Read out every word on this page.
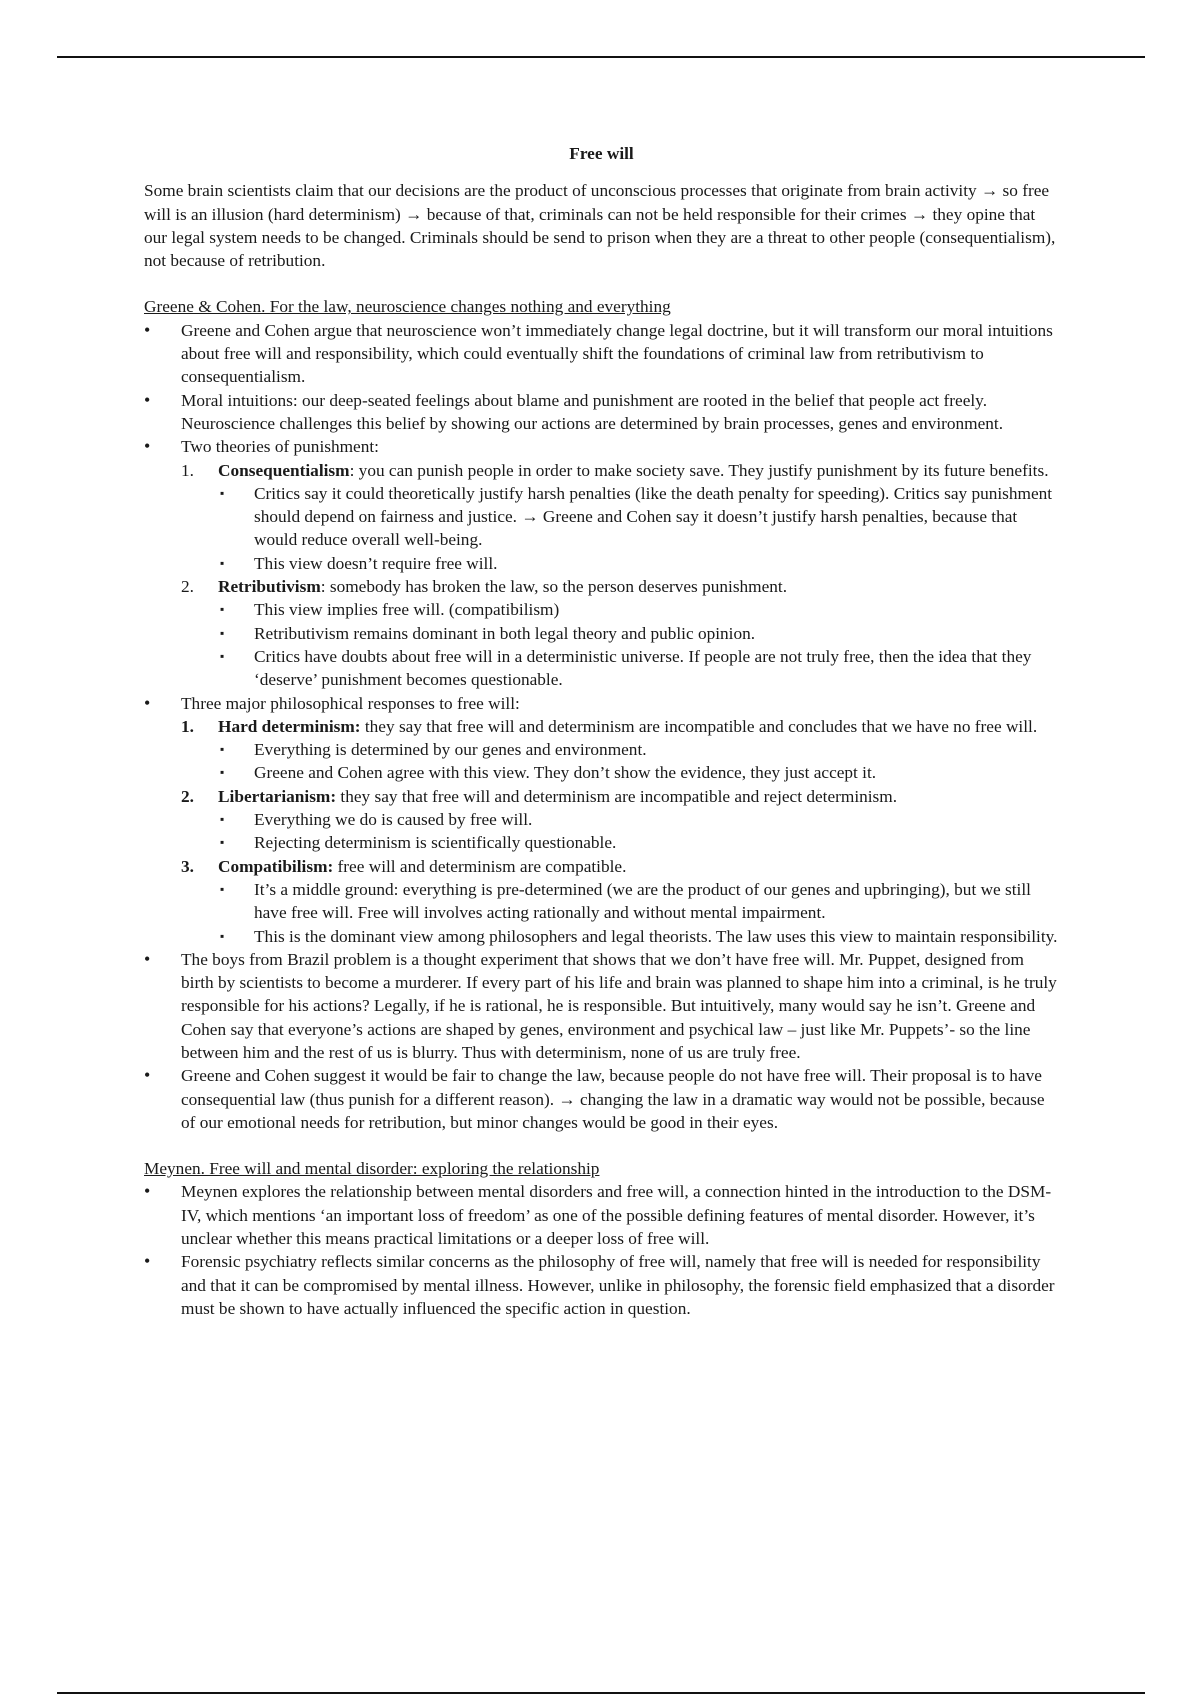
Free will

Some brain scientists claim that our decisions are the product of unconscious processes that originate from brain activity → so free will is an illusion (hard determinism) → because of that, criminals can not be held responsible for their crimes → they opine that our legal system needs to be changed. Criminals should be send to prison when they are a threat to other people (consequentialism), not because of retribution.

Greene & Cohen. For the law, neuroscience changes nothing and everything

• Greene and Cohen argue that neuroscience won’t immediately change legal doctrine, but it will transform our moral intuitions about free will and responsibility, which could eventually shift the foundations of criminal law from retributivism to consequentialism.
• Moral intuitions: our deep-seated feelings about blame and punishment are rooted in the belief that people act freely. Neuroscience challenges this belief by showing our actions are determined by brain processes, genes and environment.
• Two theories of punishment:
1. Consequentialism: you can punish people in order to make society save. They justify punishment by its future benefits.
▪ Critics say it could theoretically justify harsh penalties (like the death penalty for speeding). Critics say punishment should depend on fairness and justice. → Greene and Cohen say it doesn’t justify harsh penalties, because that would reduce overall well-being.
▪ This view doesn’t require free will.
2. Retributivism: somebody has broken the law, so the person deserves punishment.
▪ This view implies free will. (compatibilism)
▪ Retributivism remains dominant in both legal theory and public opinion.
▪ Critics have doubts about free will in a deterministic universe. If people are not truly free, then the idea that they ‘deserve’ punishment becomes questionable.
• Three major philosophical responses to free will:
1. Hard determinism: they say that free will and determinism are incompatible and concludes that we have no free will.
▪ Everything is determined by our genes and environment.
▪ Greene and Cohen agree with this view. They don’t show the evidence, they just accept it.
2. Libertarianism: they say that free will and determinism are incompatible and reject determinism.
▪ Everything we do is caused by free will.
▪ Rejecting determinism is scientifically questionable.
3. Compatibilism: free will and determinism are compatible.
▪ It’s a middle ground: everything is pre-determined (we are the product of our genes and upbringing), but we still have free will. Free will involves acting rationally and without mental impairment.
▪ This is the dominant view among philosophers and legal theorists. The law uses this view to maintain responsibility.
• The boys from Brazil problem is a thought experiment that shows that we don’t have free will. Mr. Puppet, designed from birth by scientists to become a murderer. If every part of his life and brain was planned to shape him into a criminal, is he truly responsible for his actions? Legally, if he is rational, he is responsible. But intuitively, many would say he isn’t. Greene and Cohen say that everyone’s actions are shaped by genes, environment and psychical law – just like Mr. Puppets’- so the line between him and the rest of us is blurry. Thus with determinism, none of us are truly free.
• Greene and Cohen suggest it would be fair to change the law, because people do not have free will. Their proposal is to have consequential law (thus punish for a different reason). → changing the law in a dramatic way would not be possible, because of our emotional needs for retribution, but minor changes would be good in their eyes.

Meynen. Free will and mental disorder: exploring the relationship

• Meynen explores the relationship between mental disorders and free will, a connection hinted in the introduction to the DSM-IV, which mentions ‘an important loss of freedom’ as one of the possible defining features of mental disorder. However, it’s unclear whether this means practical limitations or a deeper loss of free will.
• Forensic psychiatry reflects similar concerns as the philosophy of free will, namely that free will is needed for responsibility and that it can be compromised by mental illness. However, unlike in philosophy, the forensic field emphasized that a disorder must be shown to have actually influenced the specific action in question.
